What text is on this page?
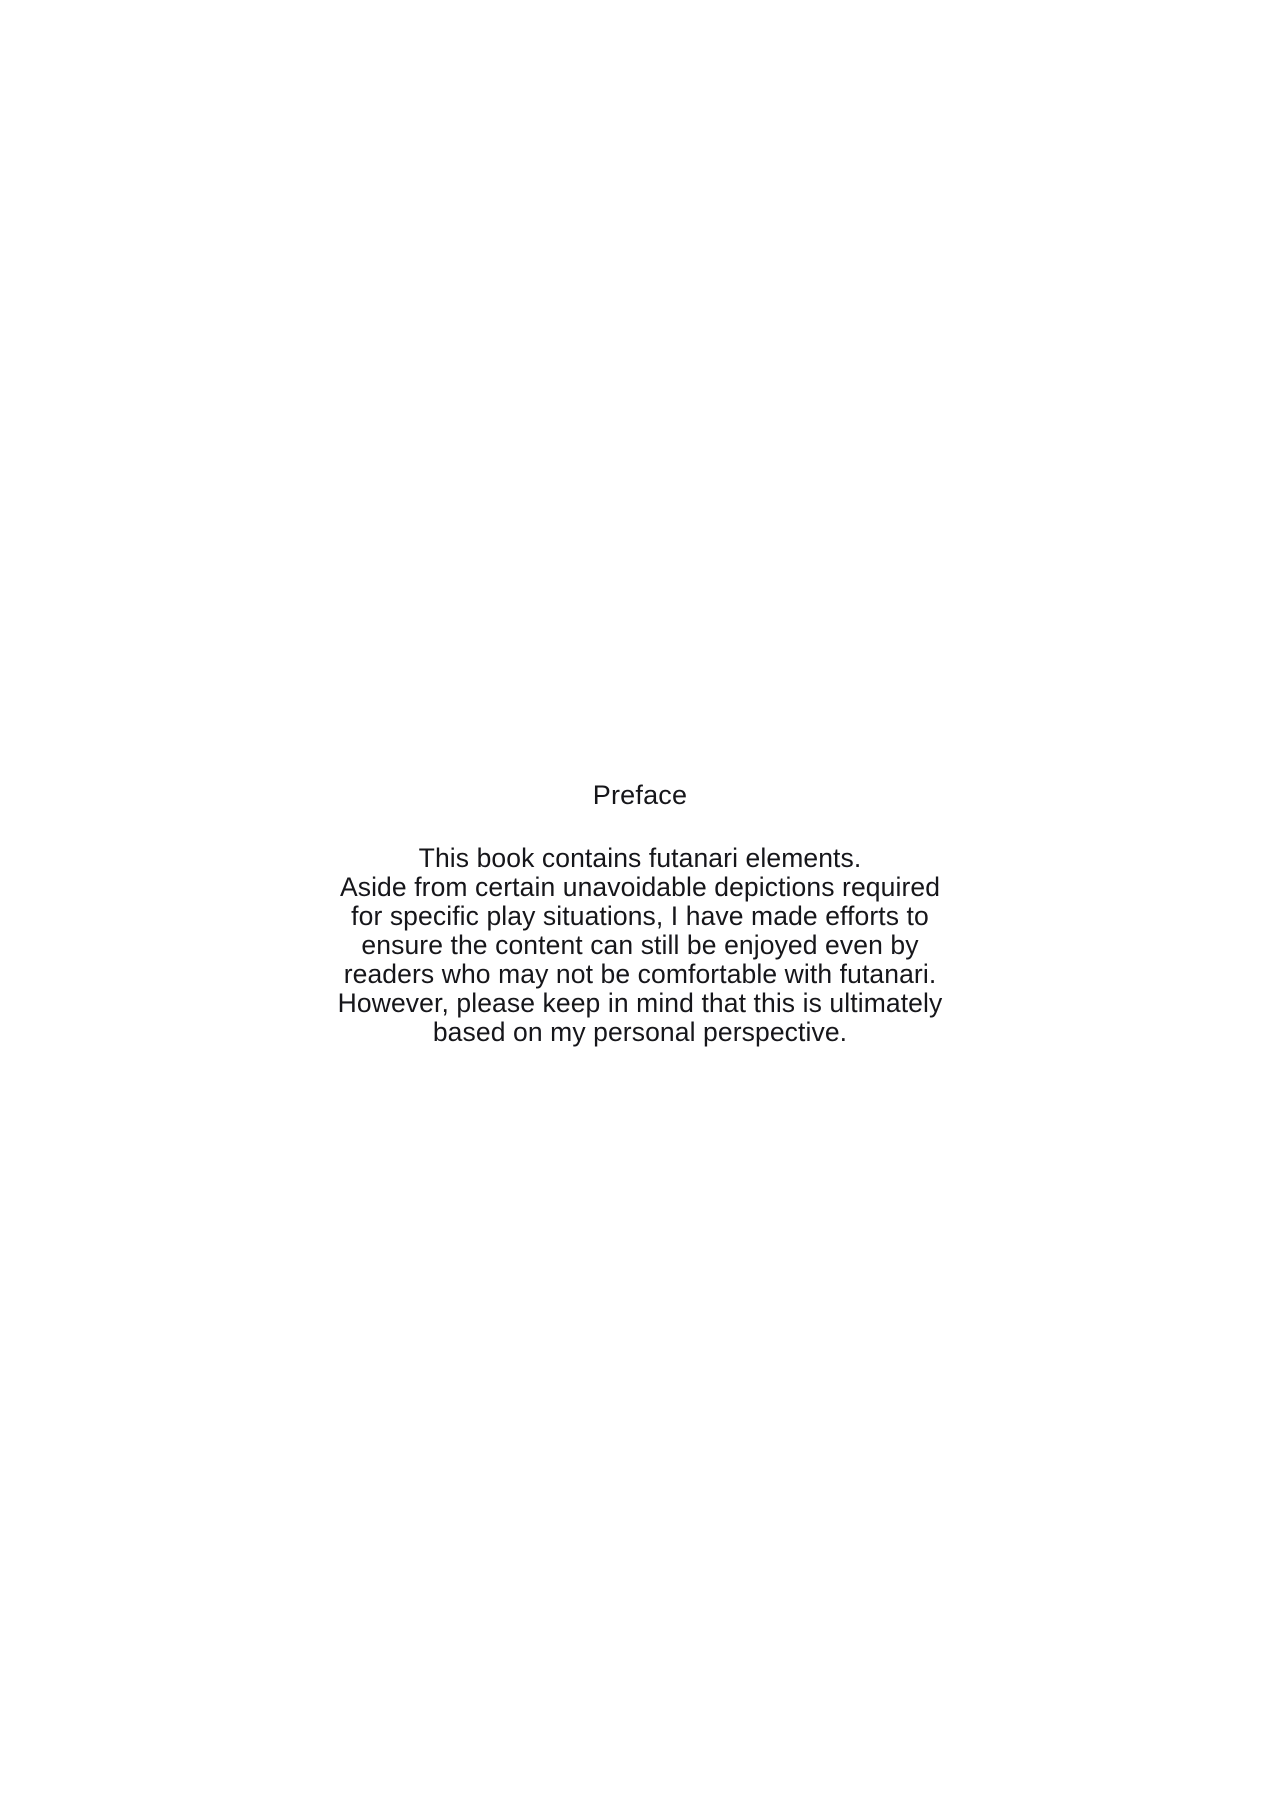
Preface

This book contains futanari elements.
Aside from certain unavoidable depictions required
for specific play situations, I have made efforts to
ensure the content can still be enjoyed even by
readers who may not be comfortable with futanari.
However, please keep in mind that this is ultimately
based on my personal perspective.
